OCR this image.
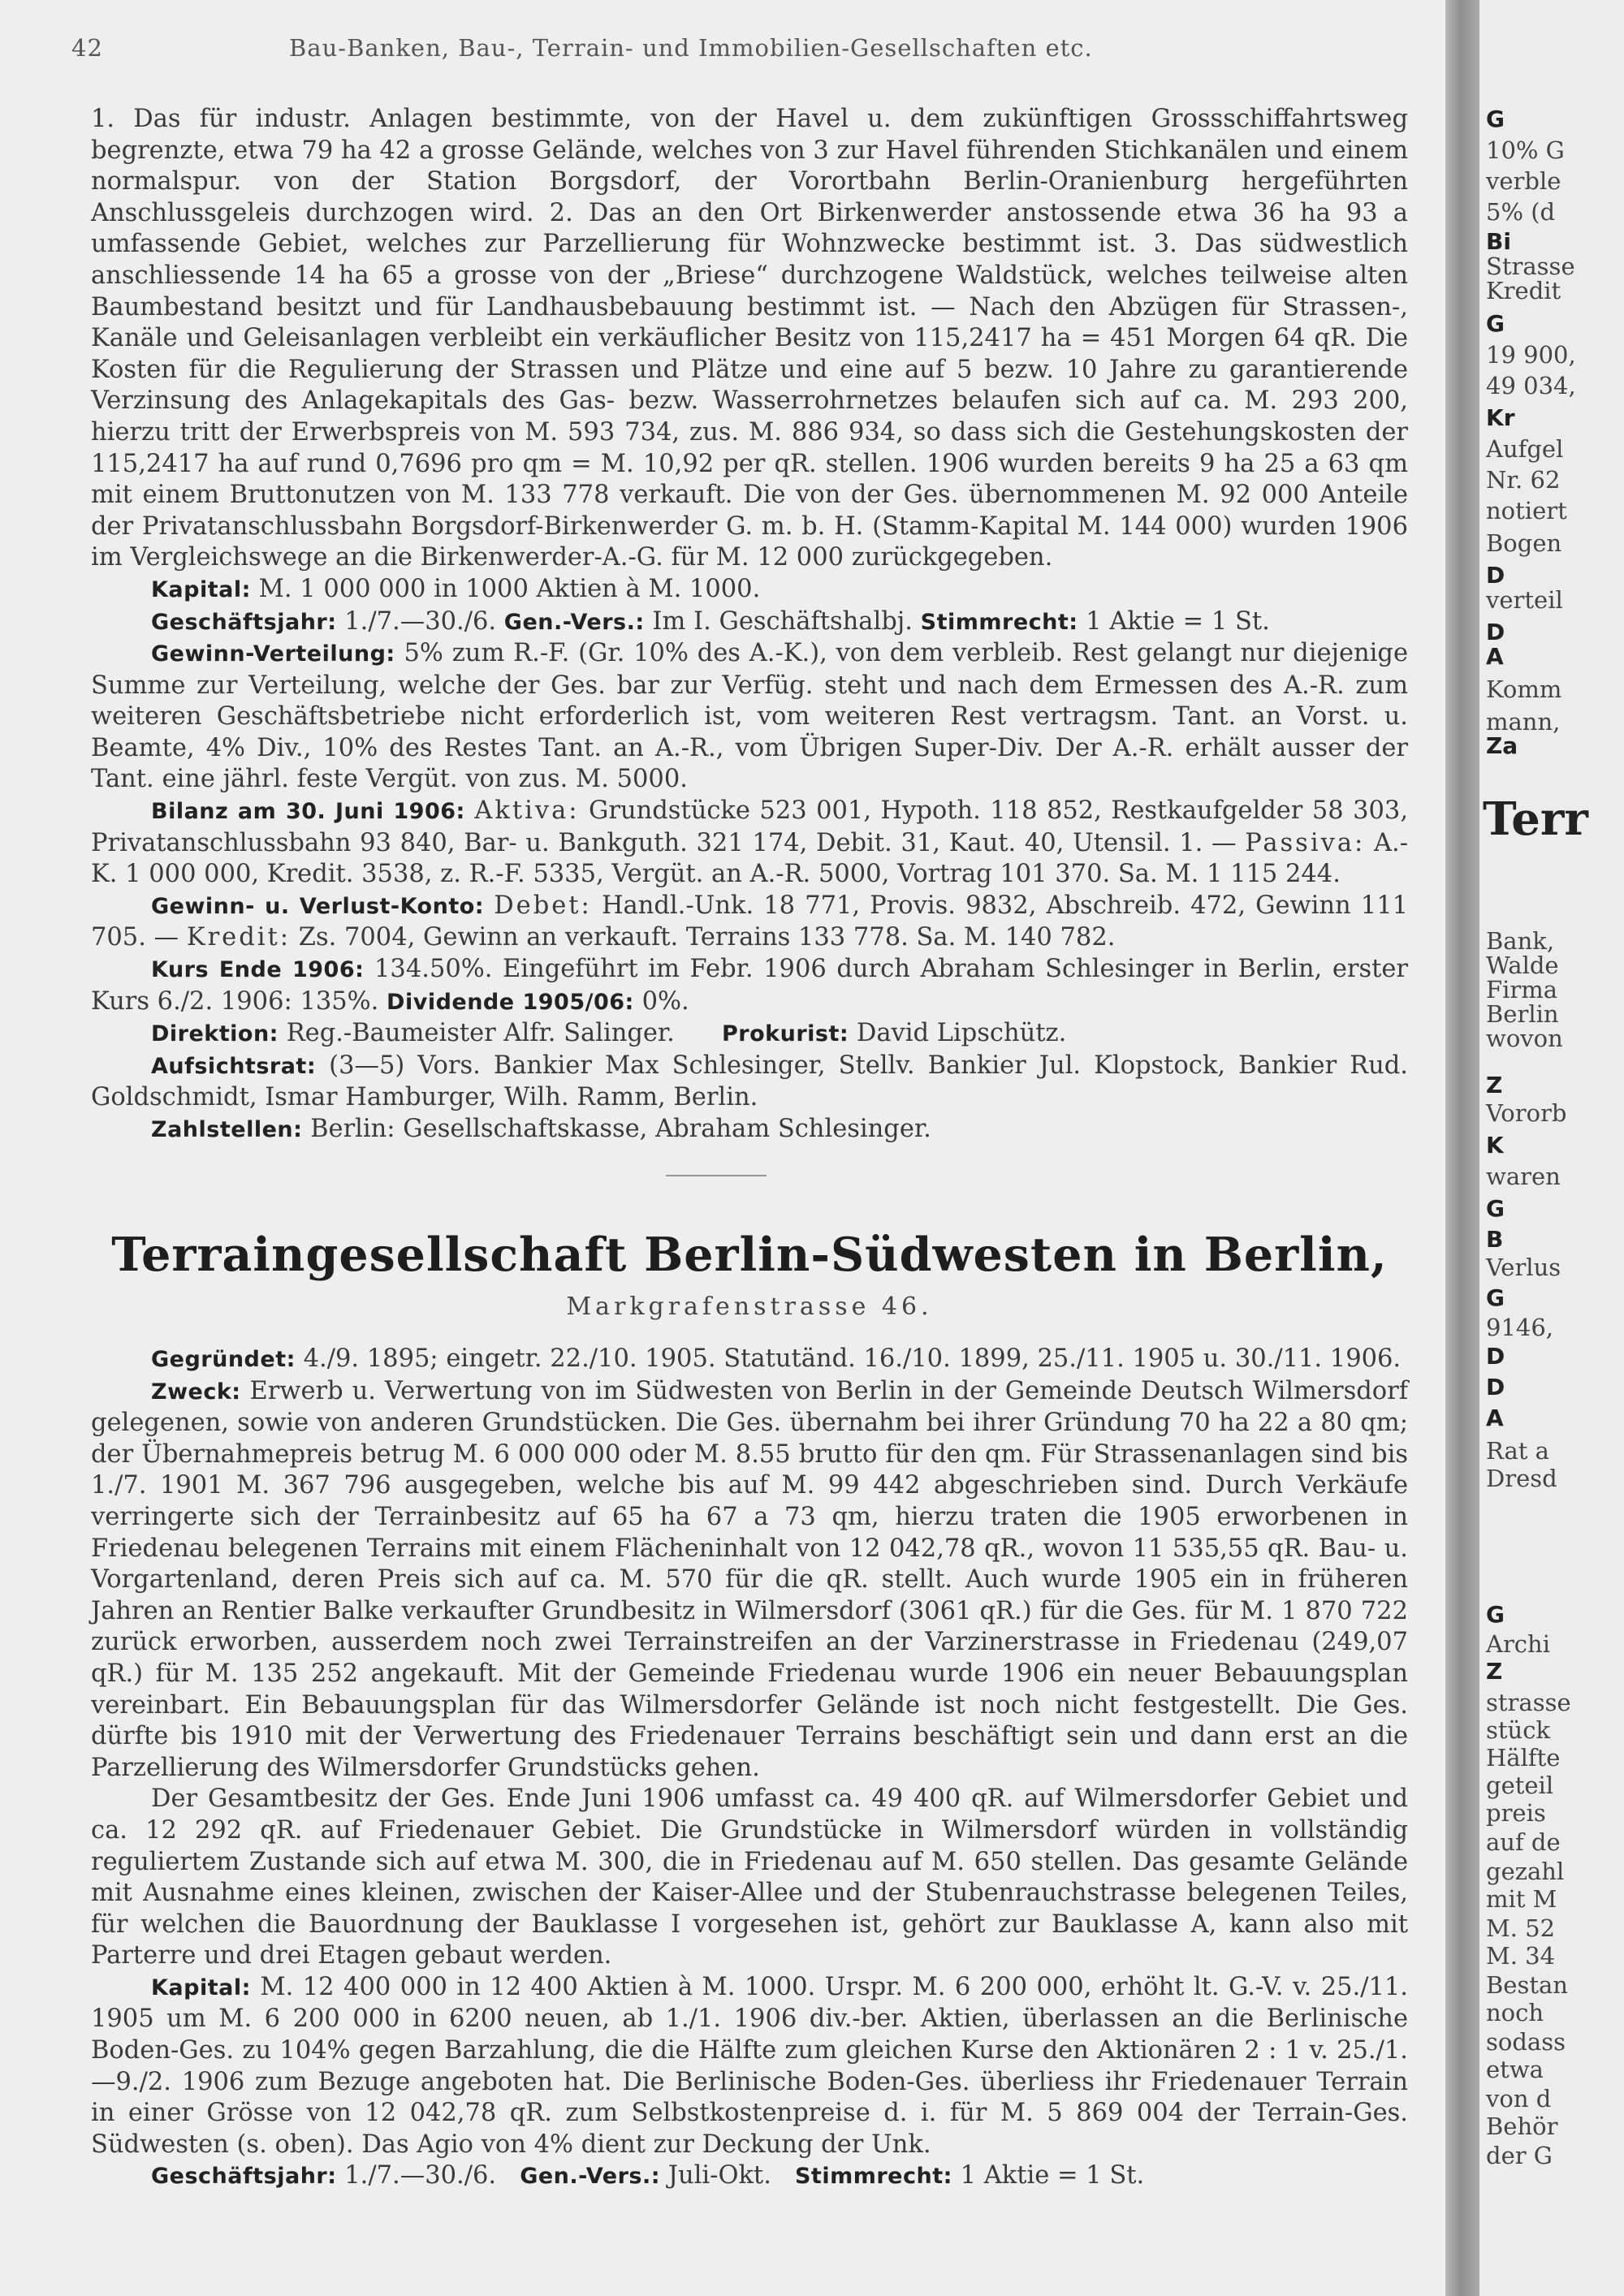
42	Bau-Banken, Bau-, Terrain- und Immobilien-Gesellschaften etc.

1. Das für industr. Anlagen bestimmte, von der Havel u. dem zukünftigen Grossschiffahrtsweg begrenzte, etwa 79 ha 42 a grosse Gelände, welches von 3 zur Havel führenden Stichkanälen und einem normalspur. von der Station Borgsdorf, der Vorortbahn Berlin-Oranienburg hergeführten Anschlussgeleis durchzogen wird. 2. Das an den Ort Birkenwerder anstossende etwa 36 ha 93 a umfassende Gebiet, welches zur Parzellierung für Wohnzwecke bestimmt ist. 3. Das südwestlich anschliessende 14 ha 65 a grosse von der „Briese“ durchzogene Waldstück, welches teilweise alten Baumbestand besitzt und für Landhausbebauung bestimmt ist. — Nach den Abzügen für Strassen-, Kanäle und Geleisanlagen verbleibt ein verkäuflicher Besitz von 115,2417 ha = 451 Morgen 64 qR. Die Kosten für die Regulierung der Strassen und Plätze und eine auf 5 bezw. 10 Jahre zu garantierende Verzinsung des Anlagekapitals des Gas- bezw. Wasserrohrnetzes belaufen sich auf ca. M. 293 200, hierzu tritt der Erwerbspreis von M. 593 734, zus. M. 886 934, so dass sich die Gestehungskosten der 115,2417 ha auf rund 0,7696 pro qm = M. 10,92 per qR. stellen. 1906 wurden bereits 9 ha 25 a 63 qm mit einem Bruttonutzen von M. 133 778 verkauft. Die von der Ges. übernommenen M. 92 000 Anteile der Privatanschlussbahn Borgsdorf-Birkenwerder G. m. b. H. (Stamm-Kapital M. 144 000) wurden 1906 im Vergleichswege an die Birkenwerder-A.-G. für M. 12 000 zurückgegeben.

Kapital: M. 1 000 000 in 1000 Aktien à M. 1000.

Geschäftsjahr: 1./7.—30./6. Gen.-Vers.: Im I. Geschäftshalbj. Stimmrecht: 1 Aktie = 1 St.

Gewinn-Verteilung: 5% zum R.-F. (Gr. 10% des A.-K.), von dem verbleib. Rest gelangt nur diejenige Summe zur Verteilung, welche der Ges. bar zur Verfüg. steht und nach dem Ermessen des A.-R. zum weiteren Geschäftsbetriebe nicht erforderlich ist, vom weiteren Rest vertragsm. Tant. an Vorst. u. Beamte, 4% Div., 10% des Restes Tant. an A.-R., vom Übrigen Super-Div. Der A.-R. erhält ausser der Tant. eine jährl. feste Vergüt. von zus. M. 5000.

Bilanz am 30. Juni 1906: Aktiva: Grundstücke 523 001, Hypoth. 118 852, Restkaufgelder 58 303, Privatanschlussbahn 93 840, Bar- u. Bankguth. 321 174, Debit. 31, Kaut. 40, Utensil. 1. — Passiva: A.-K. 1 000 000, Kredit. 3538, z. R.-F. 5335, Vergüt. an A.-R. 5000, Vortrag 101 370. Sa. M. 1 115 244.

Gewinn- u. Verlust-Konto: Debet: Handl.-Unk. 18 771, Provis. 9832, Abschreib. 472, Gewinn 111 705. — Kredit: Zs. 7004, Gewinn an verkauft. Terrains 133 778. Sa. M. 140 782.

Kurs Ende 1906: 134.50%. Eingeführt im Febr. 1906 durch Abraham Schlesinger in Berlin, erster Kurs 6./2. 1906: 135%. Dividende 1905/06: 0%.

Direktion: Reg.-Baumeister Alfr. Salinger. Prokurist: David Lipschütz.

Aufsichtsrat: (3—5) Vors. Bankier Max Schlesinger, Stellv. Bankier Jul. Klopstock, Bankier Rud. Goldschmidt, Ismar Hamburger, Wilh. Ramm, Berlin.

Zahlstellen: Berlin: Gesellschaftskasse, Abraham Schlesinger.

Terraingesellschaft Berlin-Südwesten in Berlin,
Markgrafenstrasse 46.

Gegründet: 4./9. 1895; eingetr. 22./10. 1905. Statutänd. 16./10. 1899, 25./11. 1905 u. 30./11. 1906.

Zweck: Erwerb u. Verwertung von im Südwesten von Berlin in der Gemeinde Deutsch Wilmersdorf gelegenen, sowie von anderen Grundstücken. Die Ges. übernahm bei ihrer Gründung 70 ha 22 a 80 qm; der Übernahmepreis betrug M. 6 000 000 oder M. 8.55 brutto für den qm. Für Strassenanlagen sind bis 1./7. 1901 M. 367 796 ausgegeben, welche bis auf M. 99 442 abgeschrieben sind. Durch Verkäufe verringerte sich der Terrainbesitz auf 65 ha 67 a 73 qm, hierzu traten die 1905 erworbenen in Friedenau belegenen Terrains mit einem Flächeninhalt von 12 042,78 qR., wovon 11 535,55 qR. Bau- u. Vorgartenland, deren Preis sich auf ca. M. 570 für die qR. stellt. Auch wurde 1905 ein in früheren Jahren an Rentier Balke verkaufter Grundbesitz in Wilmersdorf (3061 qR.) für die Ges. für M. 1 870 722 zurück erworben, ausserdem noch zwei Terrainstreifen an der Varzinerstrasse in Friedenau (249,07 qR.) für M. 135 252 angekauft. Mit der Gemeinde Friedenau wurde 1906 ein neuer Bebauungsplan vereinbart. Ein Bebauungsplan für das Wilmersdorfer Gelände ist noch nicht festgestellt. Die Ges. dürfte bis 1910 mit der Verwertung des Friedenauer Terrains beschäftigt sein und dann erst an die Parzellierung des Wilmersdorfer Grundstücks gehen.

Der Gesamtbesitz der Ges. Ende Juni 1906 umfasst ca. 49 400 qR. auf Wilmersdorfer Gebiet und ca. 12 292 qR. auf Friedenauer Gebiet. Die Grundstücke in Wilmersdorf würden in vollständig reguliertem Zustande sich auf etwa M. 300, die in Friedenau auf M. 650 stellen. Das gesamte Gelände mit Ausnahme eines kleinen, zwischen der Kaiser-Allee und der Stubenrauchstrasse belegenen Teiles, für welchen die Bauordnung der Bauklasse I vorgesehen ist, gehört zur Bauklasse A, kann also mit Parterre und drei Etagen gebaut werden.

Kapital: M. 12 400 000 in 12 400 Aktien à M. 1000. Urspr. M. 6 200 000, erhöht lt. G.-V. v. 25./11. 1905 um M. 6 200 000 in 6200 neuen, ab 1./1. 1906 div.-ber. Aktien, überlassen an die Berlinische Boden-Ges. zu 104% gegen Barzahlung, die die Hälfte zum gleichen Kurse den Aktionären 2 : 1 v. 25./1.—9./2. 1906 zum Bezuge angeboten hat. Die Berlinische Boden-Ges. überliess ihr Friedenauer Terrain in einer Grösse von 12 042,78 qR. zum Selbstkostenpreise d. i. für M. 5 869 004 der Terrain-Ges. Südwesten (s. oben). Das Agio von 4% dient zur Deckung der Unk.

Geschäftsjahr: 1./7.—30./6. Gen.-Vers.: Juli-Okt. Stimmrecht: 1 Aktie = 1 St.

G
10% G
verble
5% (d
Bi
Strasse
Kredit
G
19 900,
49 034,
Kr
Aufgel
Nr. 62
notiert
Bogen
D
verteil
D
A
Komm
mann,
Za
Terr
Bank,
Walde
Firma
Berlin
wovon
Z
Vororb
K
waren
G
B
Verlus
G
9146,
D
D
A
Rat a
Dresd
G
Archi
Z
strasse
stück
Hälfte
geteil
preis
auf de
gezahl
mit M
M. 52
M. 34
Bestan
noch
sodass
etwa
von d
Behör
der G
